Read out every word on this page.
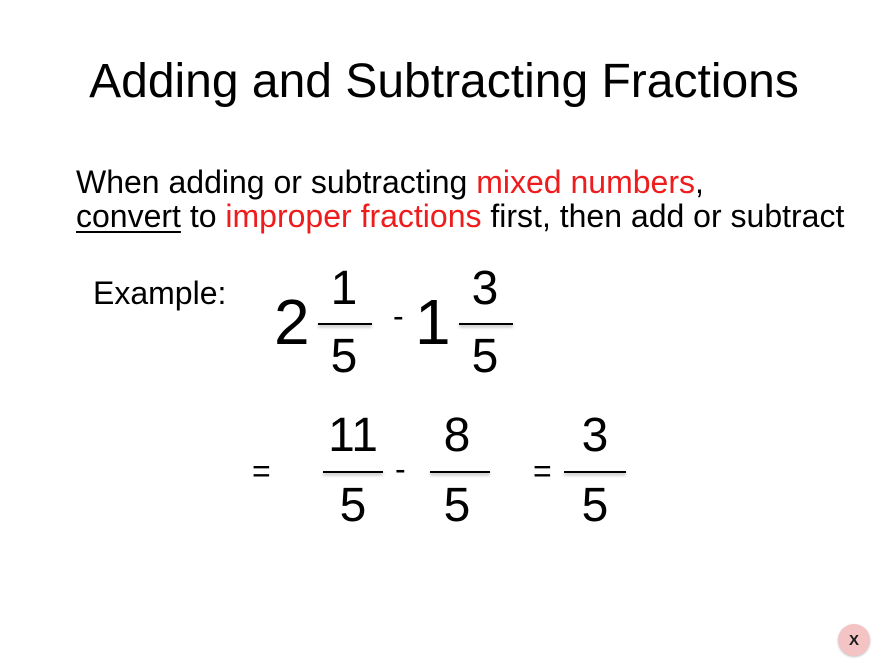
Adding and Subtracting Fractions
When adding or subtracting mixed numbers,
convert to improper fractions first, then add or subtract
Example: 2 1
5
- 1 3
5
=
11
5
-
8
5
=
3
5
X
